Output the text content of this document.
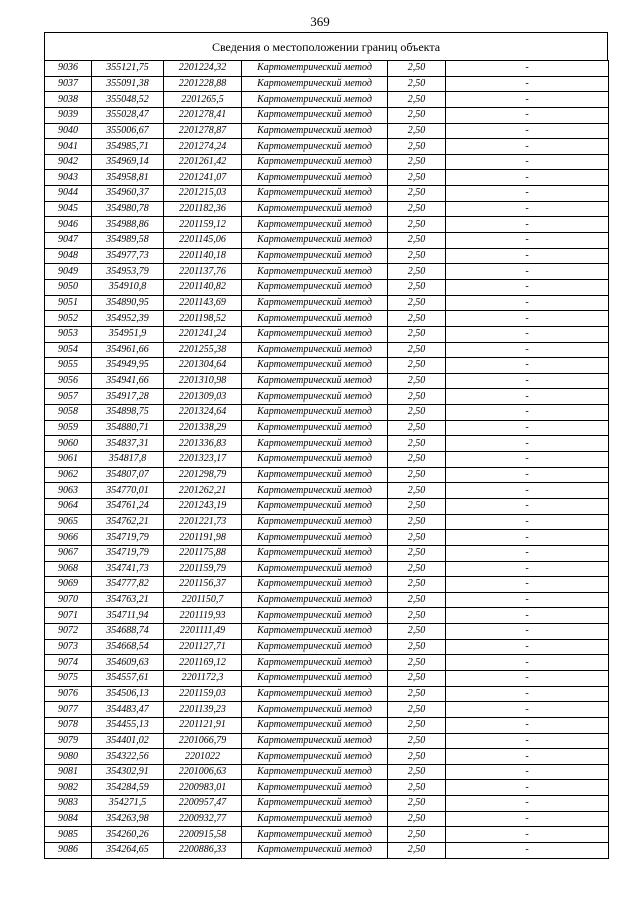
369
Сведения о местоположении границ объекта
9036	355121,75	2201224,32	Картометрический метод	2,50	-
9037	355091,38	2201228,88	Картометрический метод	2,50	-
9038	355048,52	2201265,5	Картометрический метод	2,50	-
9039	355028,47	2201278,41	Картометрический метод	2,50	-
9040	355006,67	2201278,87	Картометрический метод	2,50	-
9041	354985,71	2201274,24	Картометрический метод	2,50	-
9042	354969,14	2201261,42	Картометрический метод	2,50	-
9043	354958,81	2201241,07	Картометрический метод	2,50	-
9044	354960,37	2201215,03	Картометрический метод	2,50	-
9045	354980,78	2201182,36	Картометрический метод	2,50	-
9046	354988,86	2201159,12	Картометрический метод	2,50	-
9047	354989,58	2201145,06	Картометрический метод	2,50	-
9048	354977,73	2201140,18	Картометрический метод	2,50	-
9049	354953,79	2201137,76	Картометрический метод	2,50	-
9050	354910,8	2201140,82	Картометрический метод	2,50	-
9051	354890,95	2201143,69	Картометрический метод	2,50	-
9052	354952,39	2201198,52	Картометрический метод	2,50	-
9053	354951,9	2201241,24	Картометрический метод	2,50	-
9054	354961,66	2201255,38	Картометрический метод	2,50	-
9055	354949,95	2201304,64	Картометрический метод	2,50	-
9056	354941,66	2201310,98	Картометрический метод	2,50	-
9057	354917,28	2201309,03	Картометрический метод	2,50	-
9058	354898,75	2201324,64	Картометрический метод	2,50	-
9059	354880,71	2201338,29	Картометрический метод	2,50	-
9060	354837,31	2201336,83	Картометрический метод	2,50	-
9061	354817,8	2201323,17	Картометрический метод	2,50	-
9062	354807,07	2201298,79	Картометрический метод	2,50	-
9063	354770,01	2201262,21	Картометрический метод	2,50	-
9064	354761,24	2201243,19	Картометрический метод	2,50	-
9065	354762,21	2201221,73	Картометрический метод	2,50	-
9066	354719,79	2201191,98	Картометрический метод	2,50	-
9067	354719,79	2201175,88	Картометрический метод	2,50	-
9068	354741,73	2201159,79	Картометрический метод	2,50	-
9069	354777,82	2201156,37	Картометрический метод	2,50	-
9070	354763,21	2201150,7	Картометрический метод	2,50	-
9071	354711,94	2201119,93	Картометрический метод	2,50	-
9072	354688,74	2201111,49	Картометрический метод	2,50	-
9073	354668,54	2201127,71	Картометрический метод	2,50	-
9074	354609,63	2201169,12	Картометрический метод	2,50	-
9075	354557,61	2201172,3	Картометрический метод	2,50	-
9076	354506,13	2201159,03	Картометрический метод	2,50	-
9077	354483,47	2201139,23	Картометрический метод	2,50	-
9078	354455,13	2201121,91	Картометрический метод	2,50	-
9079	354401,02	2201066,79	Картометрический метод	2,50	-
9080	354322,56	2201022	Картометрический метод	2,50	-
9081	354302,91	2201006,63	Картометрический метод	2,50	-
9082	354284,59	2200983,01	Картометрический метод	2,50	-
9083	354271,5	2200957,47	Картометрический метод	2,50	-
9084	354263,98	2200932,77	Картометрический метод	2,50	-
9085	354260,26	2200915,58	Картометрический метод	2,50	-
9086	354264,65	2200886,33	Картометрический метод	2,50	-
